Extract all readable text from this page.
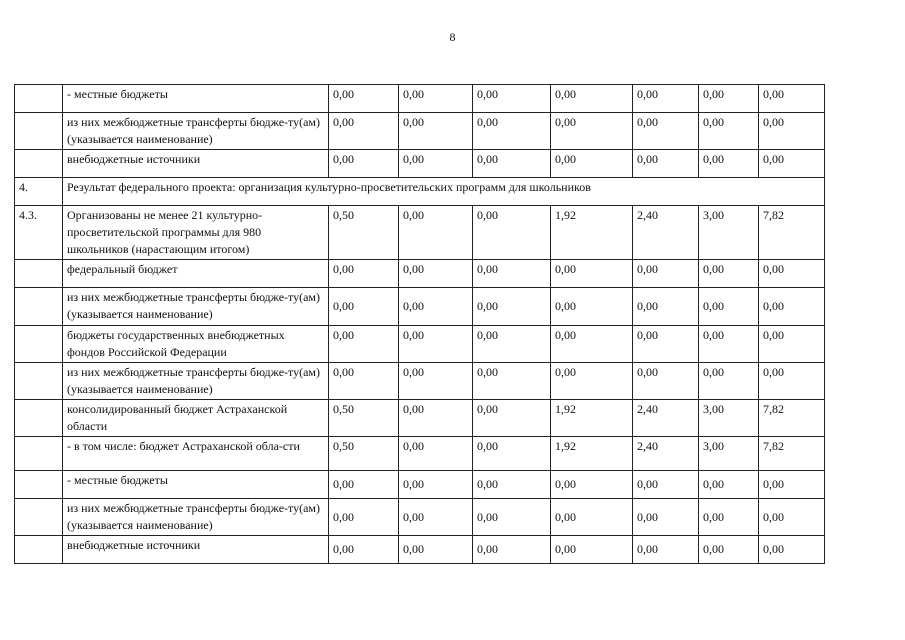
8
	- местные бюджеты	0,00	0,00	0,00	0,00	0,00	0,00	0,00
	из них межбюджетные трансферты бюдже-ту(ам) (указывается наименование)	0,00	0,00	0,00	0,00	0,00	0,00	0,00
	внебюджетные источники	0,00	0,00	0,00	0,00	0,00	0,00	0,00
4.	Результат федерального проекта: организация культурно-просветительских программ для школьников							
4.3.	Организованы не менее 21 культурно-просветительской программы для 980 школьников (нарастающим итогом)	0,50	0,00	0,00	1,92	2,40	3,00	7,82
	федеральный бюджет	0,00	0,00	0,00	0,00	0,00	0,00	0,00
	из них межбюджетные трансферты бюдже-ту(ам) (указывается наименование)	0,00	0,00	0,00	0,00	0,00	0,00	0,00
	бюджеты государственных внебюджетных фондов Российской Федерации	0,00	0,00	0,00	0,00	0,00	0,00	0,00
	из них межбюджетные трансферты бюдже-ту(ам) (указывается наименование)	0,00	0,00	0,00	0,00	0,00	0,00	0,00
	консолидированный бюджет Астраханской области	0,50	0,00	0,00	1,92	2,40	3,00	7,82
	- в том числе: бюджет Астраханской обла-сти	0,50	0,00	0,00	1,92	2,40	3,00	7,82
	- местные бюджеты	0,00	0,00	0,00	0,00	0,00	0,00	0,00
	из них межбюджетные трансферты бюдже-ту(ам) (указывается наименование)	0,00	0,00	0,00	0,00	0,00	0,00	0,00
	внебюджетные источники	0,00	0,00	0,00	0,00	0,00	0,00	0,00
